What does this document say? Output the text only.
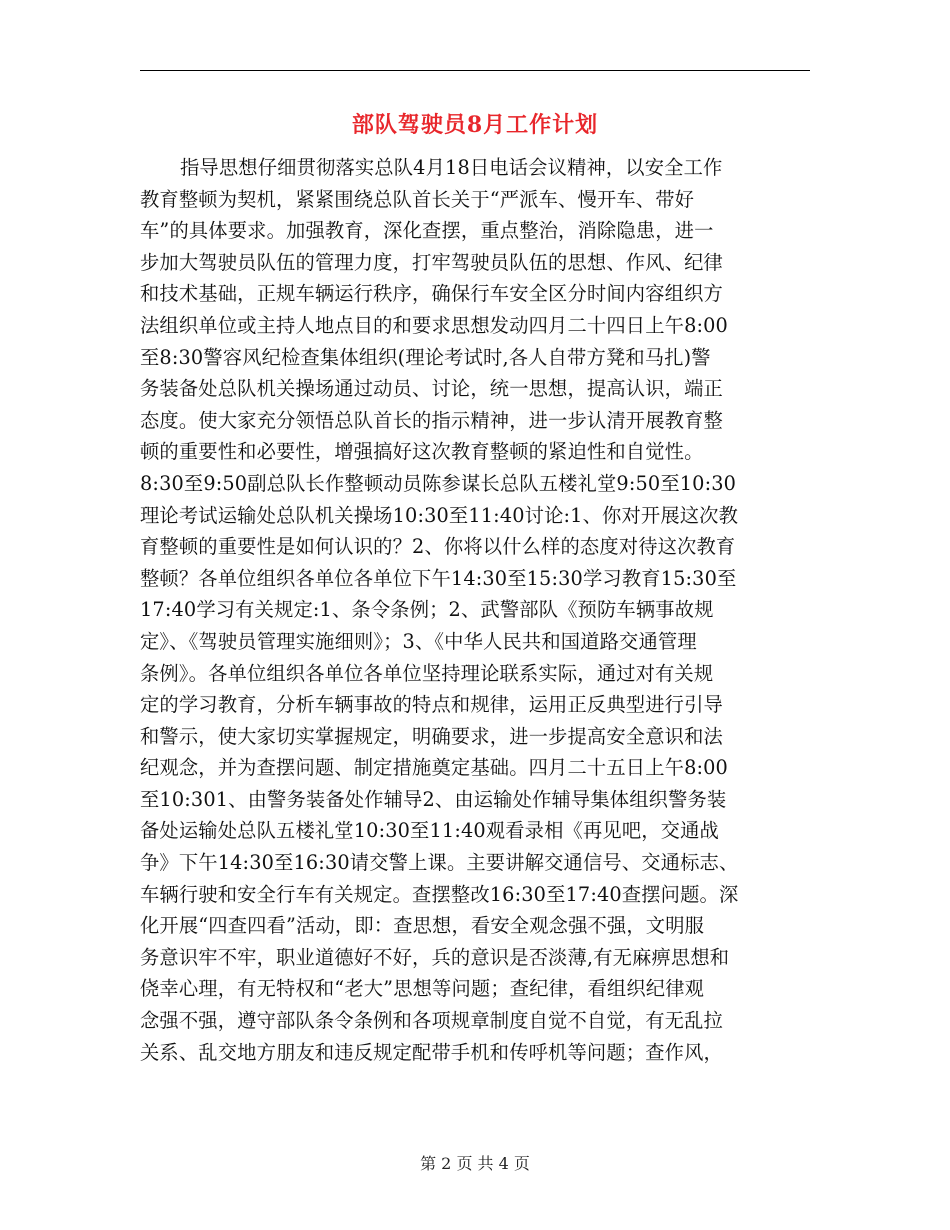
部队驾驶员8月工作计划
指导思想仔细贯彻落实总队4月18日电话会议精神，以安全工作
教育整顿为契机，紧紧围绕总队首长关于“严派车、慢开车、带好
车”的具体要求。加强教育，深化查摆，重点整治，消除隐患，进一
步加大驾驶员队伍的管理力度，打牢驾驶员队伍的思想、作风、纪律
和技术基础，正规车辆运行秩序，确保行车安全区分时间内容组织方
法组织单位或主持人地点目的和要求思想发动四月二十四日上午8:00
至8:30警容风纪检查集体组织(理论考试时,各人自带方凳和马扎)警
务装备处总队机关操场通过动员、讨论，统一思想，提高认识，端正
态度。使大家充分领悟总队首长的指示精神，进一步认清开展教育整
顿的重要性和必要性，增强搞好这次教育整顿的紧迫性和自觉性。
8:30至9:50副总队长作整顿动员陈参谋长总队五楼礼堂9:50至10:30
理论考试运输处总队机关操场10:30至11:40讨论:1、你对开展这次教
育整顿的重要性是如何认识的？2、你将以什么样的态度对待这次教育
整顿？各单位组织各单位各单位下午14:30至15:30学习教育15:30至
17:40学习有关规定:1、条令条例；2、武警部队《预防车辆事故规
定》、《驾驶员管理实施细则》；3、《中华人民共和国道路交通管理
条例》。各单位组织各单位各单位坚持理论联系实际，通过对有关规
定的学习教育，分析车辆事故的特点和规律，运用正反典型进行引导
和警示，使大家切实掌握规定，明确要求，进一步提高安全意识和法
纪观念，并为查摆问题、制定措施奠定基础。四月二十五日上午8:00
至10:301、由警务装备处作辅导2、由运输处作辅导集体组织警务装
备处运输处总队五楼礼堂10:30至11:40观看录相《再见吧，交通战
争》下午14:30至16:30请交警上课。主要讲解交通信号、交通标志、
车辆行驶和安全行车有关规定。查摆整改16:30至17:40查摆问题。深
化开展“四查四看”活动，即：查思想，看安全观念强不强，文明服
务意识牢不牢，职业道德好不好，兵的意识是否淡薄,有无麻痹思想和
侥幸心理，有无特权和“老大”思想等问题；查纪律，看组织纪律观
念强不强，遵守部队条令条例和各项规章制度自觉不自觉，有无乱拉
关系、乱交地方朋友和违反规定配带手机和传呼机等问题；查作风，
第 2 页 共 4 页
